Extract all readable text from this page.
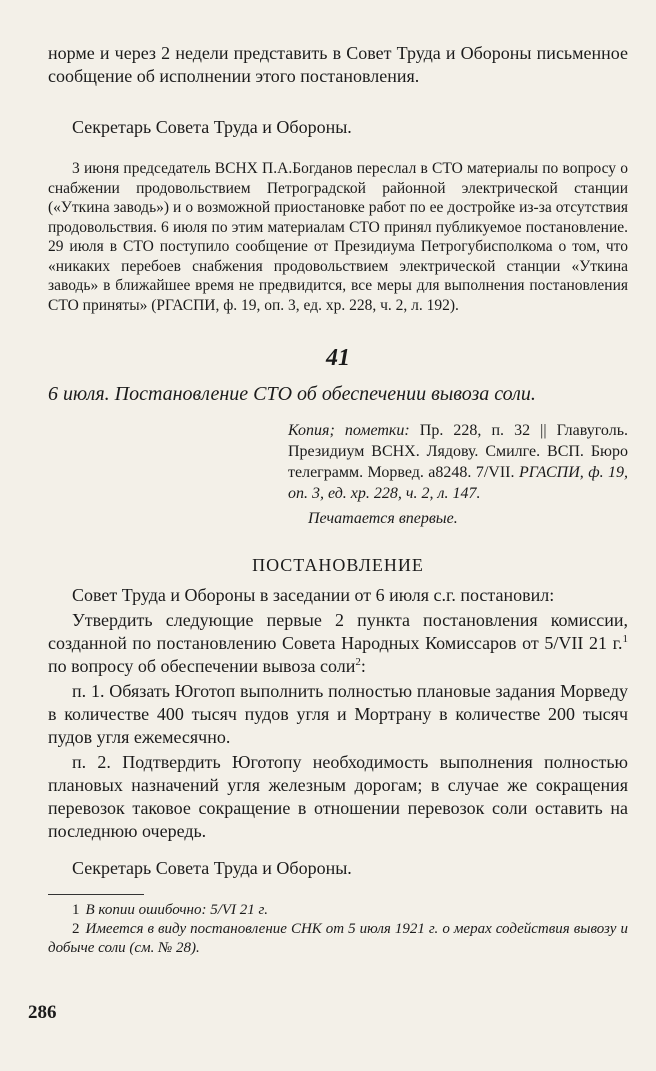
норме и через 2 недели представить в Совет Труда и Обороны письменное сообщение об исполнении этого постановления.

Секретарь Совета Труда и Обороны.

3 июня председатель ВСНХ П.А.Богданов переслал в СТО материалы по вопросу о снабжении продовольствием Петроградской районной электрической станции («Уткина заводь») и о возможной приостановке работ по ее достройке из-за отсутствия продовольствия. 6 июля по этим материалам СТО принял публикуемое постановление. 29 июля в СТО поступило сообщение от Президиума Петрогубисполкома о том, что «никаких перебоев снабжения продовольствием электрической станции «Уткина заводь» в ближайшее время не предвидится, все меры для выполнения постановления СТО приняты» (РГАСПИ, ф. 19, оп. 3, ед. хр. 228, ч. 2, л. 192).

41

6 июля. Постановление СТО об обеспечении вывоза соли.

Копия; пометки: Пр. 228, п. 32 || Главуголь. Президиум ВСНХ. Лядову. Смилге. ВСП. Бюро телеграмм. Морвед. а8248. 7/VII. РГАСПИ, ф. 19, оп. 3, ед. хр. 228, ч. 2, л. 147.
Печатается впервые.

ПОСТАНОВЛЕНИЕ

Совет Труда и Обороны в заседании от 6 июля с.г. постановил:

Утвердить следующие первые 2 пункта постановления комиссии, созданной по постановлению Совета Народных Комиссаров от 5/VII 21 г.$^1$ по вопросу об обеспечении вывоза соли$^2$:

п. 1. Обязать Юготоп выполнить полностью плановые задания Морведу в количестве 400 тысяч пудов угля и Мортрану в количестве 200 тысяч пудов угля ежемесячно.

п. 2. Подтвердить Юготопу необходимость выполнения полностью плановых назначений угля железным дорогам; в случае же сокращения перевозок таковое сокращение в отношении перевозок соли оставить на последнюю очередь.

Секретарь Совета Труда и Обороны.

1 В копии ошибочно: 5/VI 21 г.

2 Имеется в виду постановление СНК от 5 июля 1921 г. о мерах содействия вывозу и добыче соли (см. № 28).

286
